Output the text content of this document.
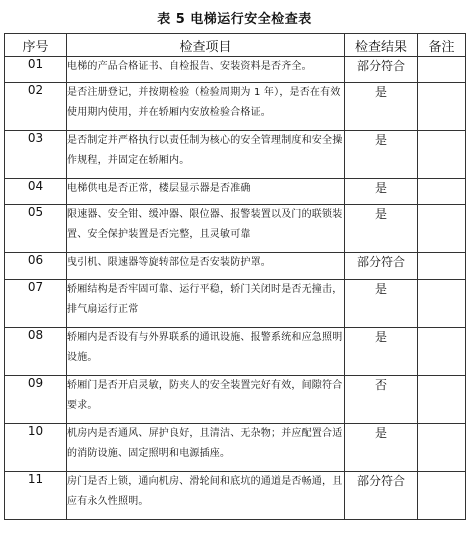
表 5 电梯运行安全检查表
序号	检查项目	检查结果	备注
01	电梯的产品合格证书、自检报告、安装资料是否齐全。	部分符合	
02	是否注册登记，并按期检验（检验周期为 1 年），是否在有效使用期内使用，并在轿厢内安放检验合格证。	是	
03	是否制定并严格执行以责任制为核心的安全管理制度和安全操作规程，并固定在轿厢内。	是	
04	电梯供电是否正常，楼层显示器是否准确	是	
05	限速器、安全钳、缓冲器、限位器、报警装置以及门的联锁装置、安全保护装置是否完整，且灵敏可靠	是	
06	曳引机、限速器等旋转部位是否安装防护罩。	部分符合	
07	轿厢结构是否牢固可靠、运行平稳，轿门关闭时是否无撞击，排气扇运行正常	是	
08	轿厢内是否设有与外界联系的通讯设施、报警系统和应急照明设施。	是	
09	轿厢门是否开启灵敏，防夹人的安全装置完好有效，间隙符合要求。	否	
10	机房内是否通风、屏护良好，且清洁、无杂物；并应配置合适的消防设施、固定照明和电源插座。	是	
11	房门是否上锁，通向机房、滑轮间和底坑的通道是否畅通，且应有永久性照明。	部分符合	
